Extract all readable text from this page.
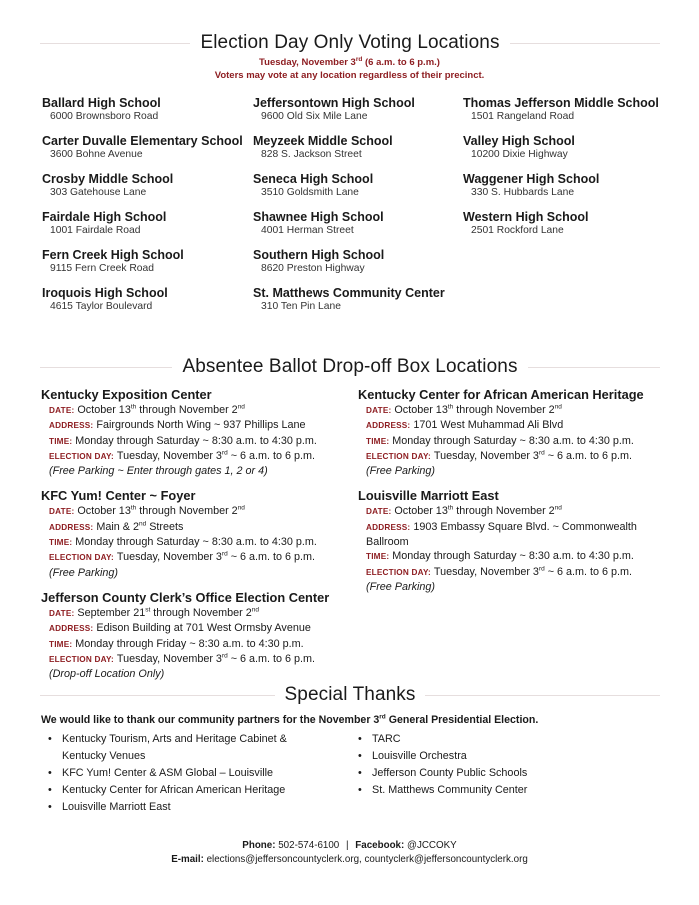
Election Day Only Voting Locations
Tuesday, November 3rd (6 a.m. to 6 p.m.)
Voters may vote at any location regardless of their precinct.
Ballard High School
6000 Brownsboro Road
Carter Duvalle Elementary School
3600 Bohne Avenue
Crosby Middle School
303 Gatehouse Lane
Fairdale High School
1001 Fairdale Road
Fern Creek High School
9115 Fern Creek Road
Iroquois High School
4615 Taylor Boulevard
Jeffersontown High School
9600 Old Six Mile Lane
Meyzeek Middle School
828 S. Jackson Street
Seneca High School
3510 Goldsmith Lane
Shawnee High School
4001 Herman Street
Southern High School
8620 Preston Highway
St. Matthews Community Center
310 Ten Pin Lane
Thomas Jefferson Middle School
1501 Rangeland Road
Valley High School
10200 Dixie Highway
Waggener High School
330 S. Hubbards Lane
Western High School
2501 Rockford Lane
Absentee Ballot Drop-off Box Locations
Kentucky Exposition Center
DATE: October 13th through November 2nd
ADDRESS: Fairgrounds North Wing ~ 937 Phillips Lane
TIME: Monday through Saturday ~ 8:30 a.m. to 4:30 p.m.
ELECTION DAY: Tuesday, November 3rd ~ 6 a.m. to 6 p.m.
(Free Parking ~ Enter through gates 1, 2 or 4)
KFC Yum! Center ~ Foyer
DATE: October 13th through November 2nd
ADDRESS: Main & 2nd Streets
TIME: Monday through Saturday ~ 8:30 a.m. to 4:30 p.m.
ELECTION DAY: Tuesday, November 3rd ~ 6 a.m. to 6 p.m.
(Free Parking)
Jefferson County Clerk’s Office Election Center
DATE: September 21st through November 2nd
ADDRESS: Edison Building at 701 West Ormsby Avenue
TIME: Monday through Friday ~ 8:30 a.m. to 4:30 p.m.
ELECTION DAY: Tuesday, November 3rd ~ 6 a.m. to 6 p.m.
(Drop-off Location Only)
Kentucky Center for African American Heritage
DATE: October 13th through November 2nd
ADDRESS: 1701 West Muhammad Ali Blvd
TIME: Monday through Saturday ~ 8:30 a.m. to 4:30 p.m.
ELECTION DAY: Tuesday, November 3rd ~ 6 a.m. to 6 p.m.
(Free Parking)
Louisville Marriott East
DATE: October 13th through November 2nd
ADDRESS: 1903 Embassy Square Blvd. ~ Commonwealth Ballroom
TIME: Monday through Saturday ~ 8:30 a.m. to 4:30 p.m.
ELECTION DAY: Tuesday, November 3rd ~ 6 a.m. to 6 p.m.
(Free Parking)
Special Thanks
We would like to thank our community partners for the November 3rd General Presidential Election.
• Kentucky Tourism, Arts and Heritage Cabinet & Kentucky Venues
• KFC Yum! Center & ASM Global – Louisville
• Kentucky Center for African American Heritage
• Louisville Marriott East
• TARC
• Louisville Orchestra
• Jefferson County Public Schools
• St. Matthews Community Center
Phone: 502-574-6100 | Facebook: @JCCOKY
E-mail: elections@jeffersoncountyclerk.org, countyclerk@jeffersoncountyclerk.org
